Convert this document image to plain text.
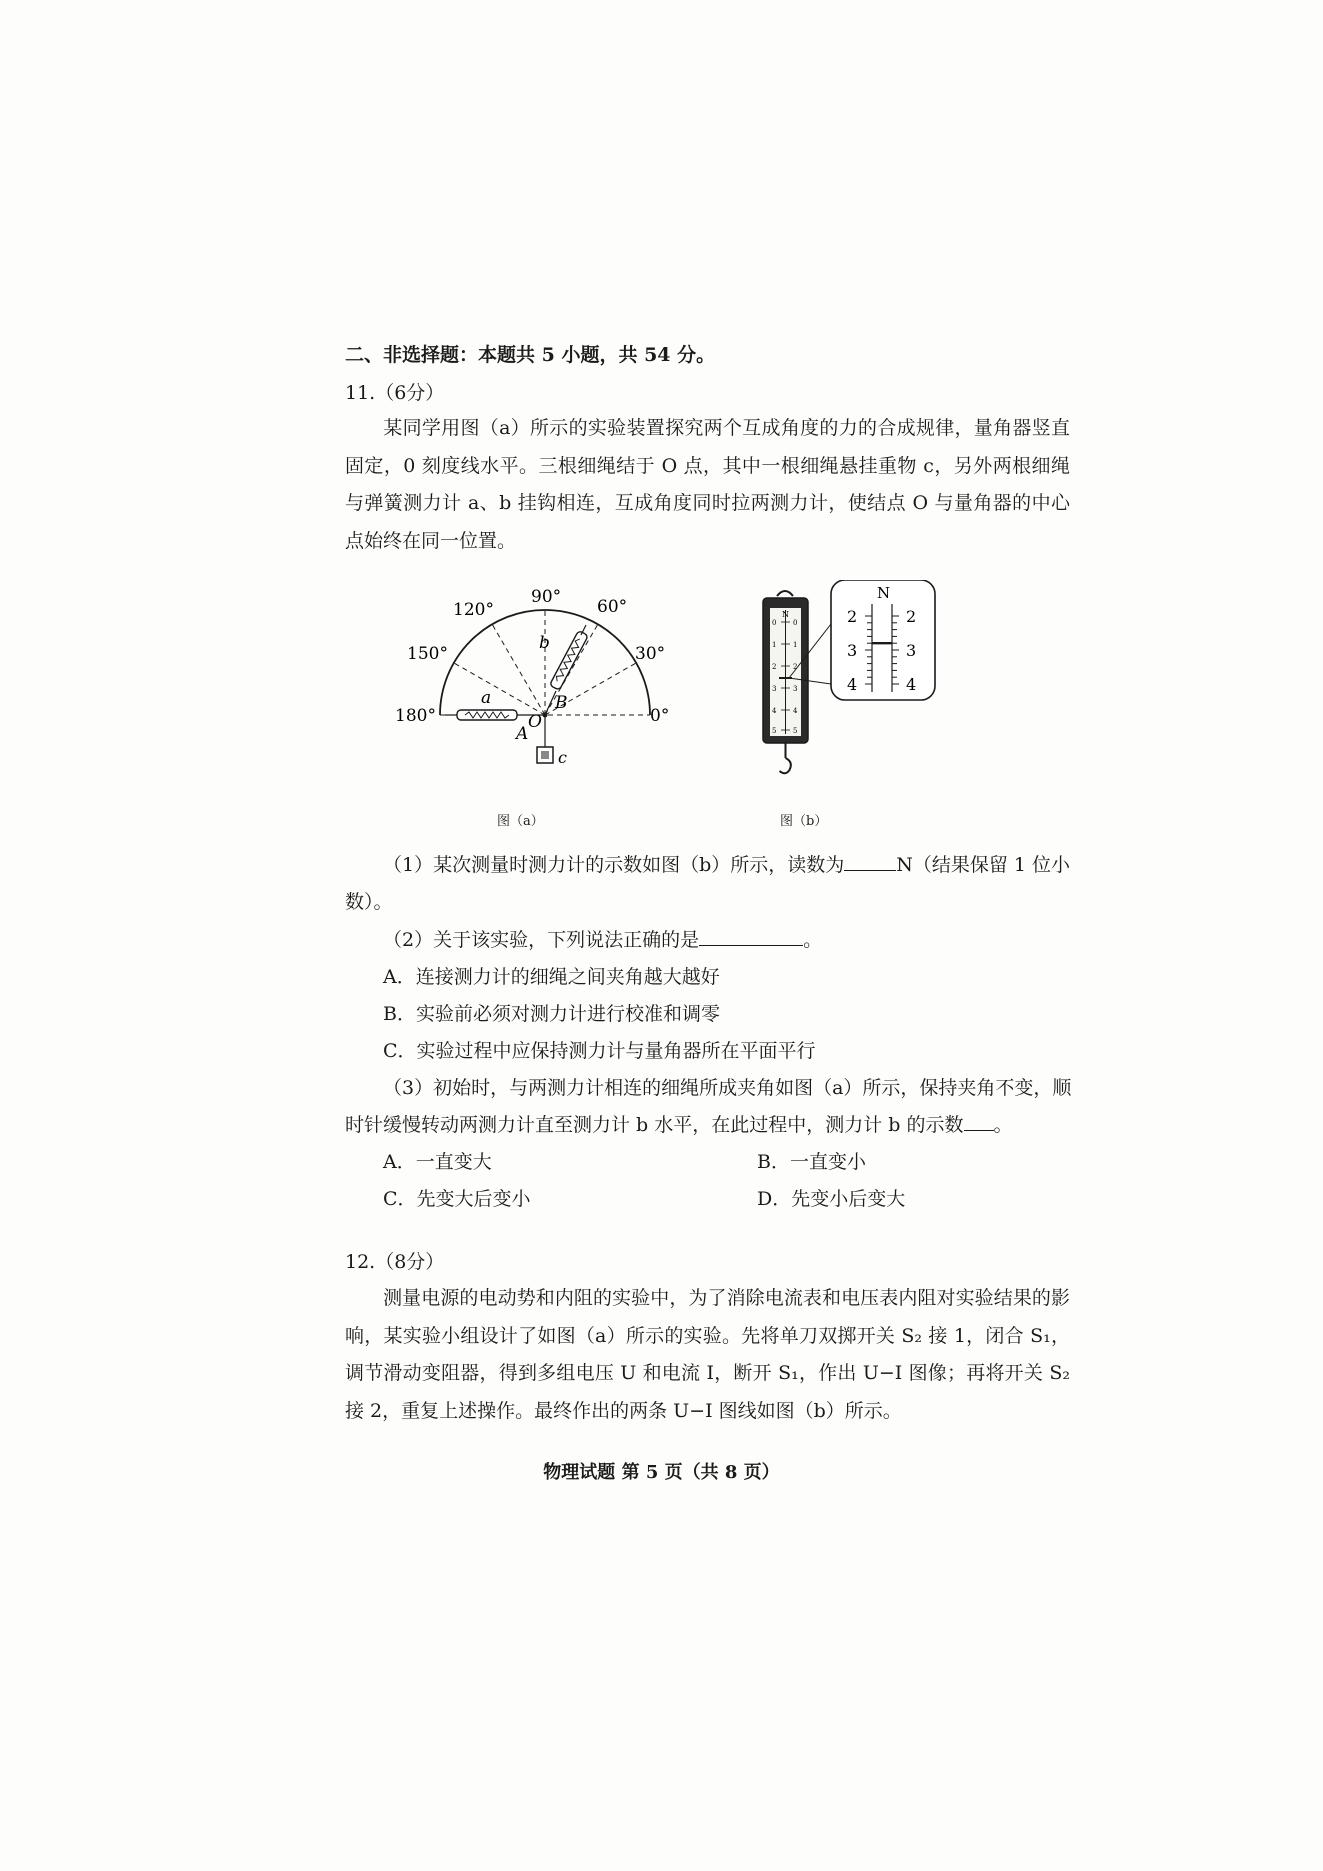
二、非选择题：本题共 5 小题，共 54 分。
11.（6分）
某同学用图（a）所示的实验装置探究两个互成角度的力的合成规律，量角器竖直固定，0 刻度线水平。三根细绳结于 O 点，其中一根细绳悬挂重物 c，另外两根细绳与弹簧测力计 a、b 挂钩相连，互成角度同时拉两测力计，使结点 O 与量角器的中心点始终在同一位置。
180°
150°
120°
90° 60°
30°
0°
a
A
b
B
O
c
图（a）
N
0
1
2
3
4
5
0
1
2
3
4
5
N
2
3
4
2
3
4
图（b）
（1）某次测量时测力计的示数如图（b）所示，读数为	N（结果保留 1 位小
数）。
（2）关于该实验，下列说法正确的是	。
A．连接测力计的细绳之间夹角越大越好
B．实验前必须对测力计进行校准和调零
C．实验过程中应保持测力计与量角器所在平面平行
（3）初始时，与两测力计相连的细绳所成夹角如图（a）所示，保持夹角不变，顺
时针缓慢转动两测力计直至测力计 b 水平，在此过程中，测力计 b 的示数 。
A．一直变大	B．一直变小
C．先变大后变小	D．先变小后变大
12.（8分）
测量电源的电动势和内阻的实验中，为了消除电流表和电压表内阻对实验结果的影响，某实验小组设计了如图（a）所示的实验。先将单刀双掷开关 S₂ 接 1，闭合 S₁，调节滑动变阻器，得到多组电压 U 和电流 I，断开 S₁，作出 U−I 图像；再将开关 S₂ 接 2，重复上述操作。最终作出的两条 U−I 图线如图（b）所示。
物理试题 第 5 页（共 8 页）
